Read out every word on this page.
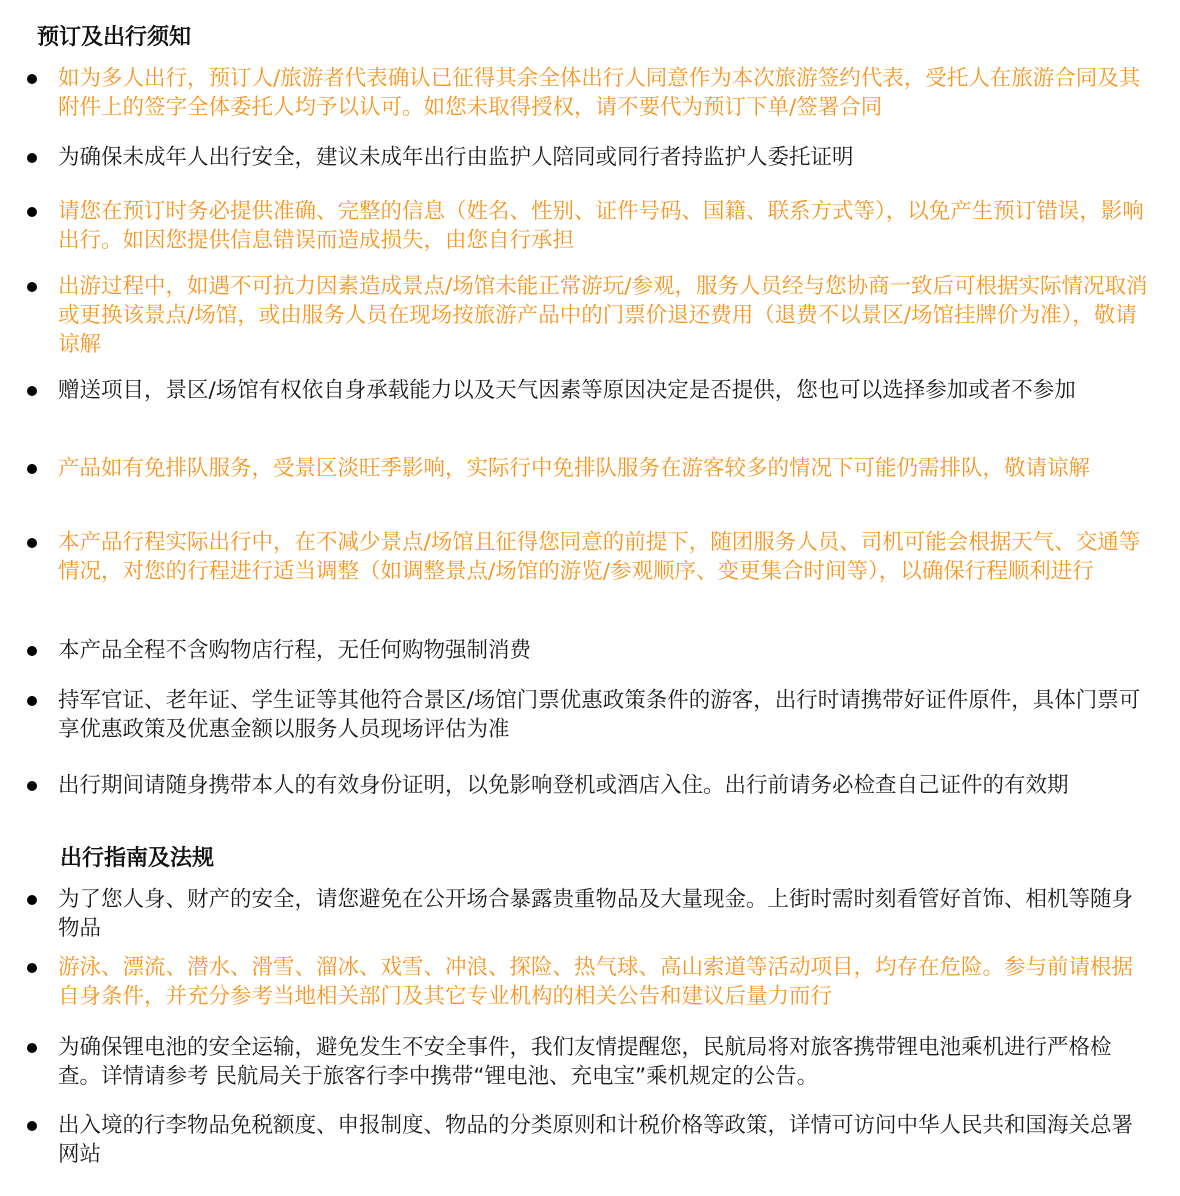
预订及出行须知
如为多人出行，预订人/旅游者代表确认已征得其余全体出行人同意作为本次旅游签约代表，受托人在旅游合同及其附件上的签字全体委托人均予以认可。如您未取得授权，请不要代为预订下单/签署合同
为确保未成年人出行安全，建议未成年出行由监护人陪同或同行者持监护人委托证明
请您在预订时务必提供准确、完整的信息（姓名、性别、证件号码、国籍、联系方式等），以免产生预订错误，影响出行。如因您提供信息错误而造成损失，由您自行承担
出游过程中，如遇不可抗力因素造成景点/场馆未能正常游玩/参观，服务人员经与您协商一致后可根据实际情况取消或更换该景点/场馆，或由服务人员在现场按旅游产品中的门票价退还费用（退费不以景区/场馆挂牌价为准），敬请谅解
赠送项目，景区/场馆有权依自身承载能力以及天气因素等原因决定是否提供，您也可以选择参加或者不参加
产品如有免排队服务，受景区淡旺季影响，实际行中免排队服务在游客较多的情况下可能仍需排队，敬请谅解
本产品行程实际出行中，在不减少景点/场馆且征得您同意的前提下，随团服务人员、司机可能会根据天气、交通等情况，对您的行程进行适当调整（如调整景点/场馆的游览/参观顺序、变更集合时间等），以确保行程顺利进行
本产品全程不含购物店行程，无任何购物强制消费
持军官证、老年证、学生证等其他符合景区/场馆门票优惠政策条件的游客，出行时请携带好证件原件，具体门票可享优惠政策及优惠金额以服务人员现场评估为准
出行期间请随身携带本人的有效身份证明，以免影响登机或酒店入住。出行前请务必检查自己证件的有效期
出行指南及法规
为了您人身、财产的安全，请您避免在公开场合暴露贵重物品及大量现金。上街时需时刻看管好首饰、相机等随身物品
游泳、漂流、潜水、滑雪、溜冰、戏雪、冲浪、探险、热气球、高山索道等活动项目，均存在危险。参与前请根据自身条件，并充分参考当地相关部门及其它专业机构的相关公告和建议后量力而行
为确保锂电池的安全运输，避免发生不安全事件，我们友情提醒您，民航局将对旅客携带锂电池乘机进行严格检查。详情请参考 民航局关于旅客行李中携带“锂电池、充电宝”乘机规定的公告。
出入境的行李物品免税额度、申报制度、物品的分类原则和计税价格等政策，详情可访问中华人民共和国海关总署网站
